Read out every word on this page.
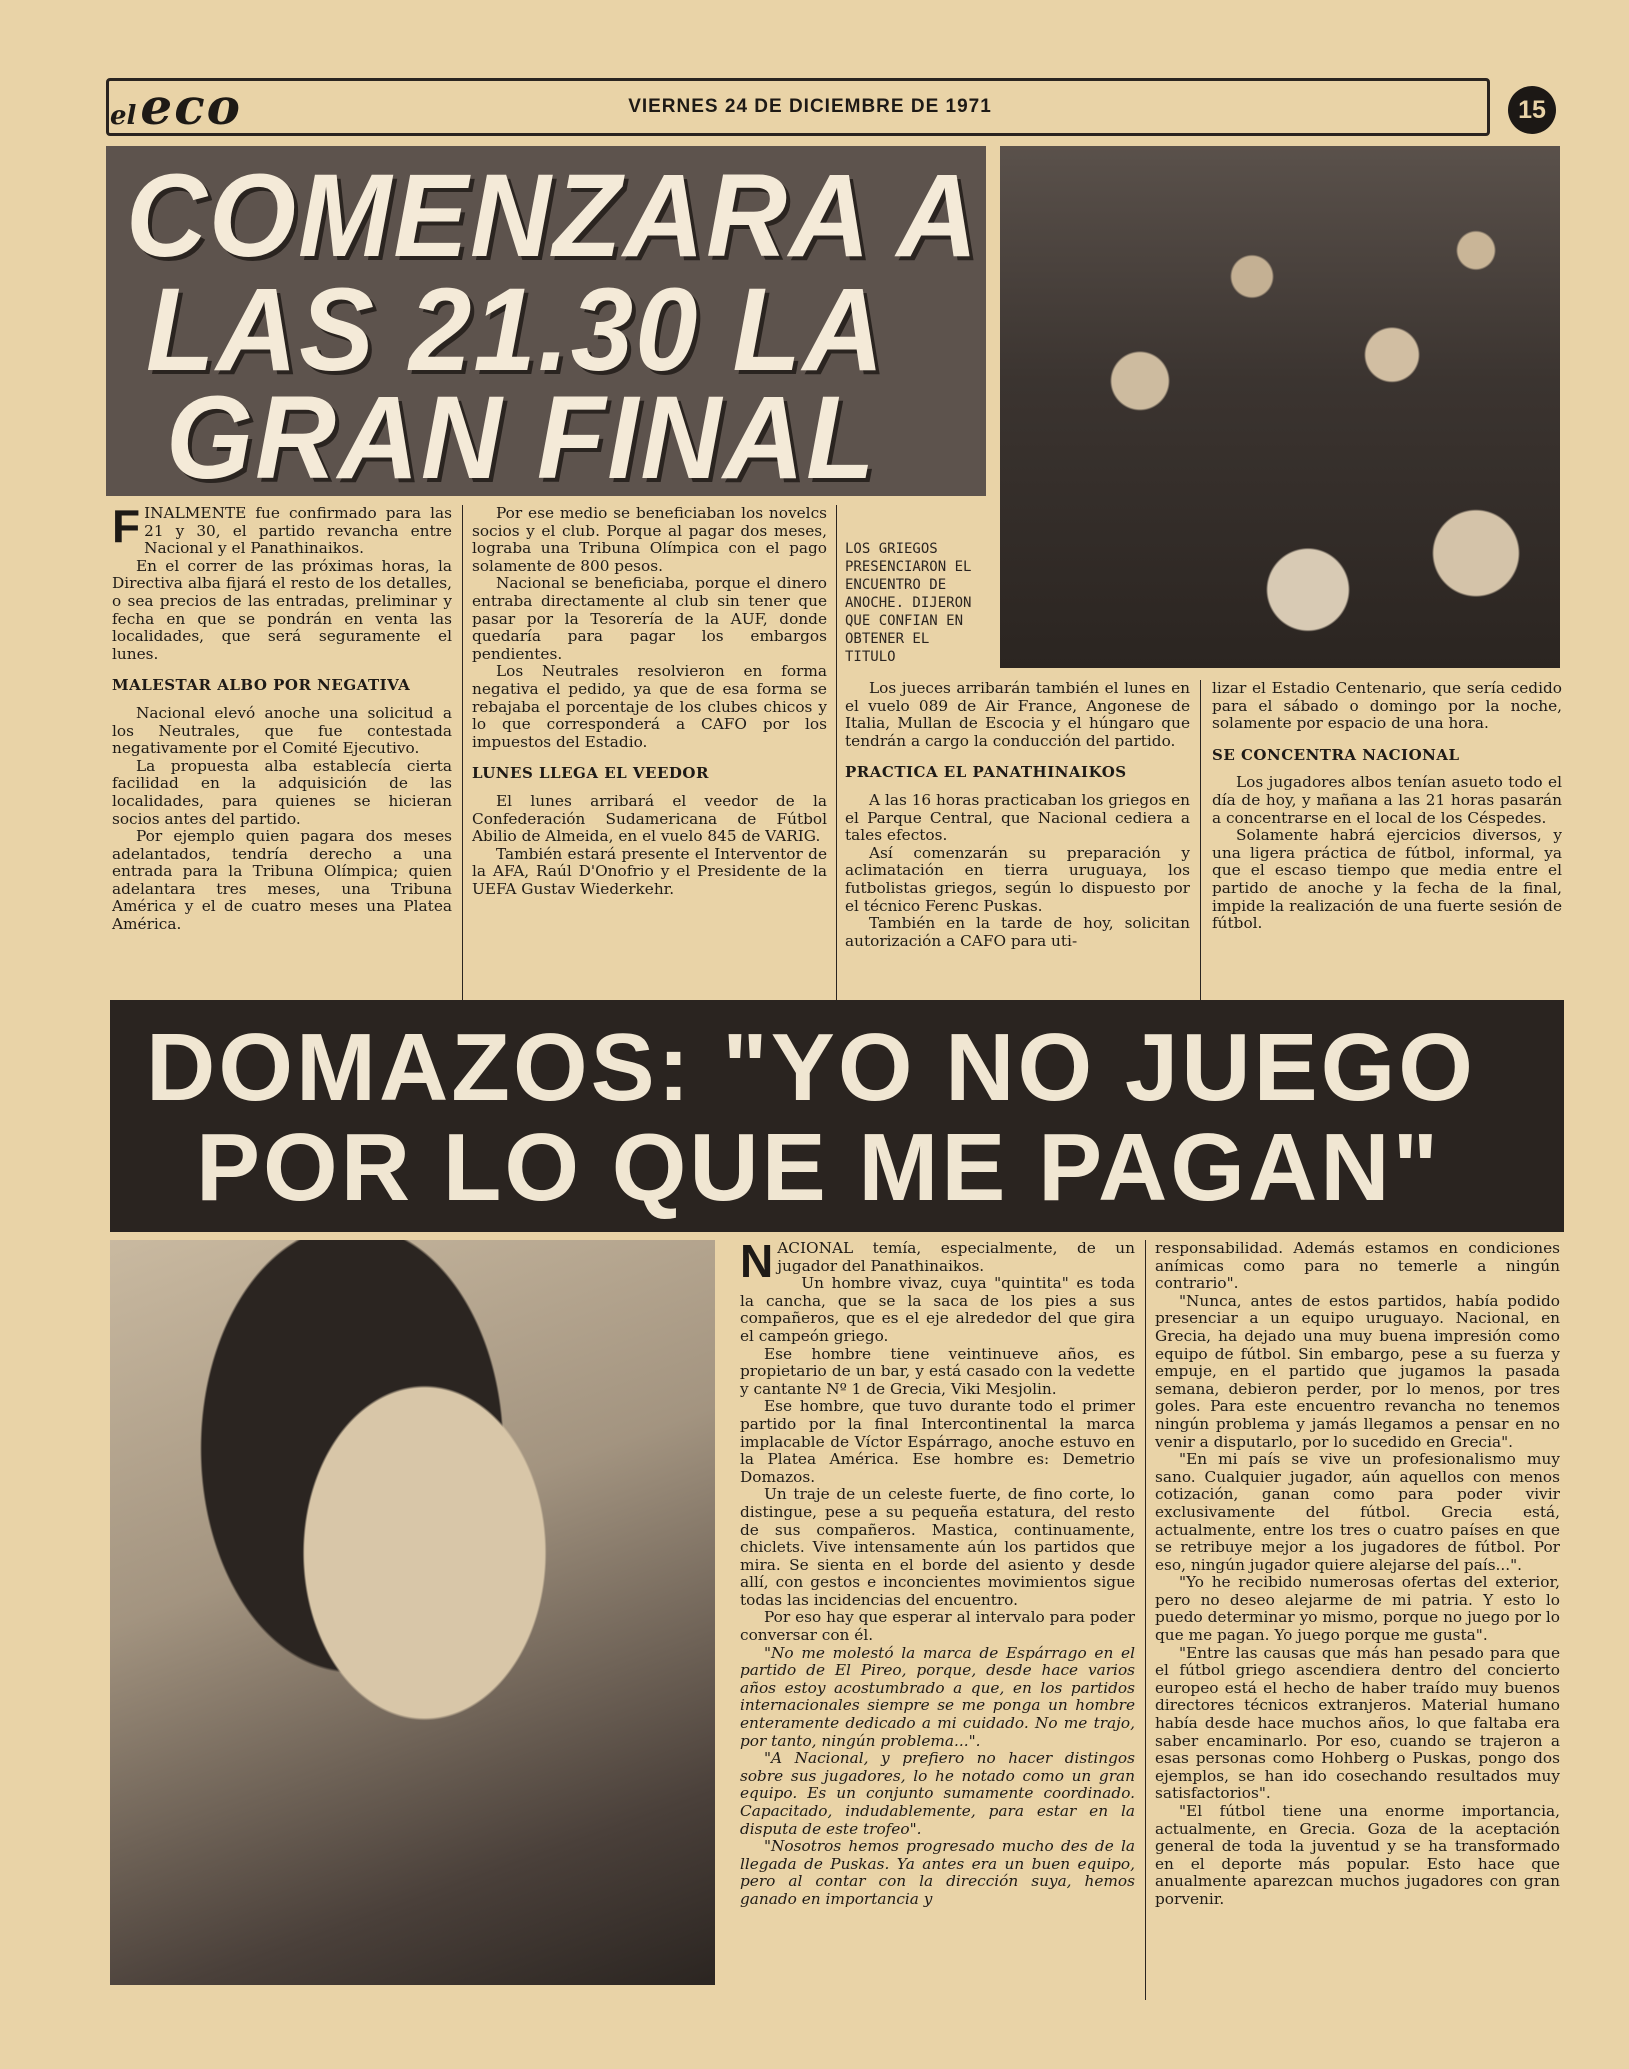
eleco	VIERNES 24 DE DICIEMBRE DE 1971	15
COMENZARA A
LAS 21.30 LA
GRAN FINAL
LOS GRIEGOS PRESENCIARON EL ENCUENTRO DE ANOCHE. DIJERON QUE CONFIAN EN OBTENER EL TITULO

FINALMENTE fue confirmado para las 21 y 30, el partido revancha entre Nacional y el Panathinaikos.

En el correr de las próximas horas, la Directiva alba fijará el resto de los detalles, o sea precios de las entradas, preliminar y fecha en que se pondrán en venta las localidades, que será seguramente el lunes.

MALESTAR ALBO POR NEGATIVA

Nacional elevó anoche una solicitud a los Neutrales, que fue contestada negativamente por el Comité Ejecutivo.

La propuesta alba establecía cierta facilidad en la adquisición de las localidades, para quienes se hicieran socios antes del partido.

Por ejemplo quien pagara dos meses adelantados, tendría derecho a una entrada para la Tribuna Olímpica; quien adelantara tres meses, una Tribuna América y el de cuatro meses una Platea América.

Por ese medio se beneficiaban los novelcs socios y el club. Porque al pagar dos meses, lograba una Tribuna Olímpica con el pago solamente de 800 pesos.

Nacional se beneficiaba, porque el dinero entraba directamente al club sin tener que pasar por la Tesorería de la AUF, donde quedaría para pagar los embargos pendientes.

Los Neutrales resolvieron en forma negativa el pedido, ya que de esa forma se rebajaba el porcentaje de los clubes chicos y lo que corresponderá a CAFO por los impuestos del Estadio.

LUNES LLEGA EL VEEDOR

El lunes arribará el veedor de la Confederación Sudamericana de Fútbol Abilio de Almeida, en el vuelo 845 de VARIG.

También estará presente el Interventor de la AFA, Raúl D'Onofrio y el Presidente de la UEFA Gustav Wiederkehr.

Los jueces arribarán también el lunes en el vuelo 089 de Air France, Angonese de Italia, Mullan de Escocia y el húngaro que tendrán a cargo la conducción del partido.

PRACTICA EL PANATHINAIKOS

A las 16 horas practicaban los griegos en el Parque Central, que Nacional cediera a tales efectos.

Así comenzarán su preparación y aclimatación en tierra uruguaya, los futbolistas griegos, según lo dispuesto por el técnico Ferenc Puskas.

También en la tarde de hoy, solicitan autorización a CAFO para uti-

lizar el Estadio Centenario, que sería cedido para el sábado o domingo por la noche, solamente por espacio de una hora.

SE CONCENTRA NACIONAL

Los jugadores albos tenían asueto todo el día de hoy, y mañana a las 21 horas pasarán a concentrarse en el local de los Céspedes.

Solamente habrá ejercicios diversos, y una ligera práctica de fútbol, informal, ya que el escaso tiempo que media entre el partido de anoche y la fecha de la final, impide la realización de una fuerte sesión de fútbol.

DOMAZOS: "YO NO JUEGO
POR LO QUE ME PAGAN"

NACIONAL temía, especialmente, de un jugador del Panathinaikos.

Un hombre vivaz, cuya "quintita" es toda la cancha, que se la saca de los pies a sus compañeros, que es el eje alrededor del que gira el campeón griego.

Ese hombre tiene veintinueve años, es propietario de un bar, y está casado con la vedette y cantante Nº 1 de Grecia, Viki Mesjolin.

Ese hombre, que tuvo durante todo el primer partido por la final Intercontinental la marca implacable de Víctor Espárrago, anoche estuvo en la Platea América. Ese hombre es: Demetrio Domazos.

Un traje de un celeste fuerte, de fino corte, lo distingue, pese a su pequeña estatura, del resto de sus compañeros. Mastica, continuamente, chiclets. Vive intensamente aún los partidos que mira. Se sienta en el borde del asiento y desde allí, con gestos e inconcientes movimientos sigue todas las incidencias del encuentro.

Por eso hay que esperar al intervalo para poder conversar con él.

"No me molestó la marca de Espárrago en el partido de El Pireo, porque, desde hace varios años estoy acostumbrado a que, en los partidos internacionales siempre se me ponga un hombre enteramente dedicado a mi cuidado. No me trajo, por tanto, ningún problema...".

"A Nacional, y prefiero no hacer distingos sobre sus jugadores, lo he notado como un gran equipo. Es un conjunto sumamente coordinado. Capacitado, indudablemente, para estar en la disputa de este trofeo".

"Nosotros hemos progresado mucho des de la llegada de Puskas. Ya antes era un buen equipo, pero al contar con la dirección suya, hemos ganado en importancia y

responsabilidad. Además estamos en condiciones anímicas como para no temerle a ningún contrario".

"Nunca, antes de estos partidos, había podido presenciar a un equipo uruguayo. Nacional, en Grecia, ha dejado una muy buena impresión como equipo de fútbol. Sin embargo, pese a su fuerza y empuje, en el partido que jugamos la pasada semana, debieron perder, por lo menos, por tres goles. Para este encuentro revancha no tenemos ningún problema y jamás llegamos a pensar en no venir a disputarlo, por lo sucedido en Grecia".

"En mi país se vive un profesionalismo muy sano. Cualquier jugador, aún aquellos con menos cotización, ganan como para poder vivir exclusivamente del fútbol. Grecia está, actualmente, entre los tres o cuatro países en que se retribuye mejor a los jugadores de fútbol. Por eso, ningún jugador quiere alejarse del país...".

"Yo he recibido numerosas ofertas del exterior, pero no deseo alejarme de mi patria. Y esto lo puedo determinar yo mismo, porque no juego por lo que me pagan. Yo juego porque me gusta".

"Entre las causas que más han pesado para que el fútbol griego ascendiera dentro del concierto europeo está el hecho de haber traído muy buenos directores técnicos extranjeros. Material humano había desde hace muchos años, lo que faltaba era saber encaminarlo. Por eso, cuando se trajeron a esas personas como Hohberg o Puskas, pongo dos ejemplos, se han ido cosechando resultados muy satisfactorios".

"El fútbol tiene una enorme importancia, actualmente, en Grecia. Goza de la aceptación general de toda la juventud y se ha transformado en el deporte más popular. Esto hace que anualmente aparezcan muchos jugadores con gran porvenir.
